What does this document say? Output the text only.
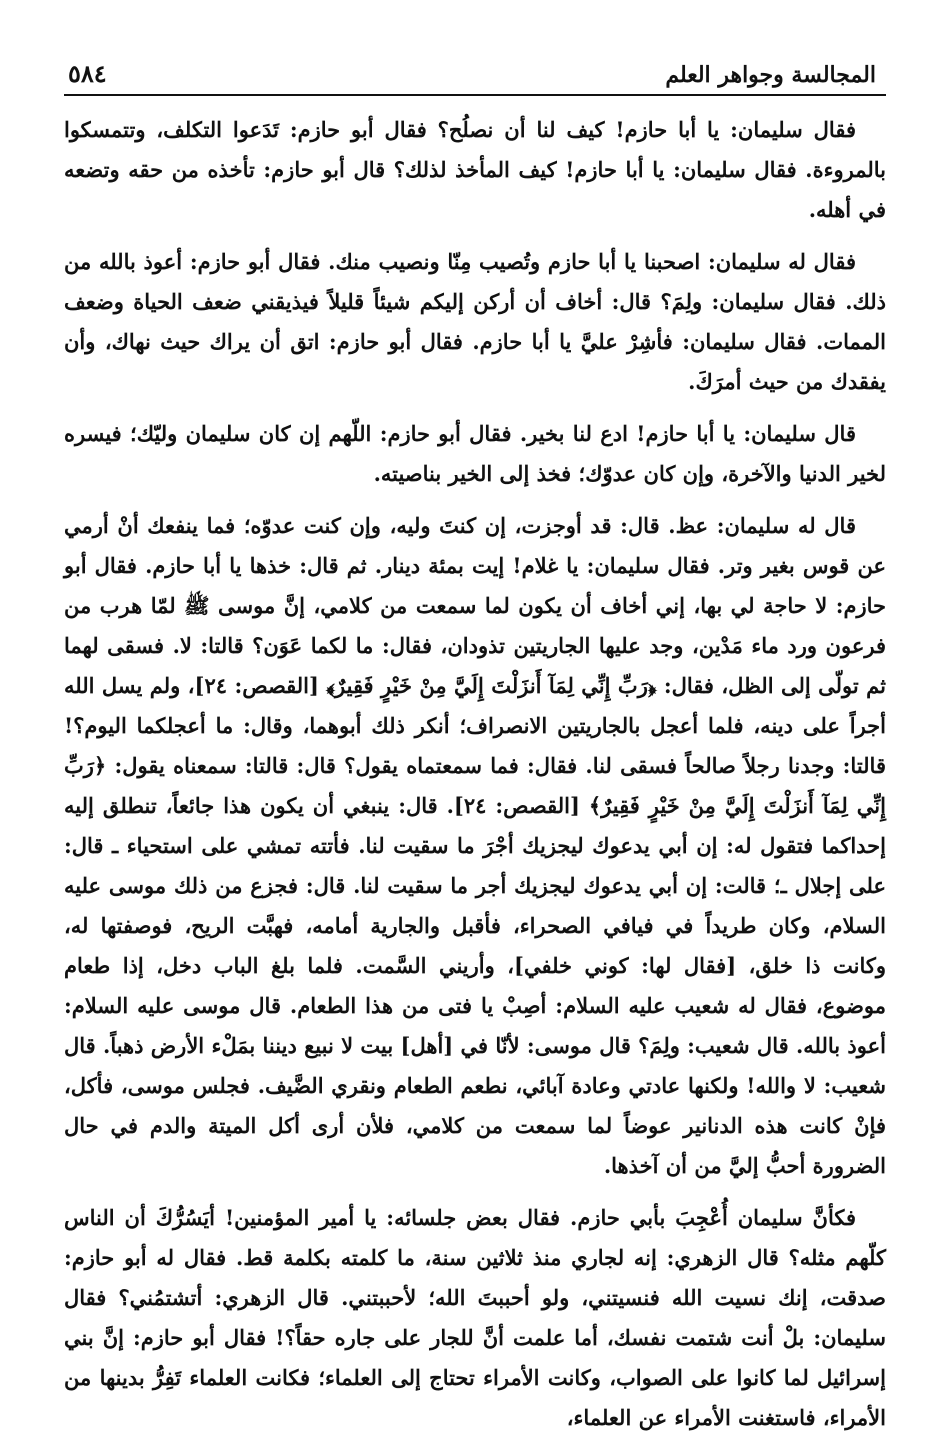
المجالسة وجواهر العلم
٥٨٤

فقال سليمان: يا أبا حازم! كيف لنا أن نصلُح؟ فقال أبو حازم: تَدَعوا التكلف، وتتمسكوا بالمروءة. فقال سليمان: يا أبا حازم! كيف المأخذ لذلك؟ قال أبو حازم: تأخذه من حقه وتضعه في أهله.

فقال له سليمان: اصحبنا يا أبا حازم وتُصيب مِنّا ونصيب منك. فقال أبو حازم: أعوذ بالله من ذلك. فقال سليمان: ولِمَ؟ قال: أخاف أن أركن إليكم شيئاً قليلاً فيذيقني ضعف الحياة وضعف الممات. فقال سليمان: فأشِرْ عليَّ يا أبا حازم. فقال أبو حازم: اتق أن يراك حيث نهاك، وأن يفقدك من حيث أمرَكَ.

قال سليمان: يا أبا حازم! ادع لنا بخير. فقال أبو حازم: اللّهم إن كان سليمان وليّك؛ فيسره لخير الدنيا والآخرة، وإن كان عدوّك؛ فخذ إلى الخير بناصيته.

قال له سليمان: عظ. قال: قد أوجزت، إن كنتَ وليه، وإن كنت عدوّه؛ فما ينفعك أنْ أرمي عن قوس بغير وتر. فقال سليمان: يا غلام! إيت بمئة دينار. ثم قال: خذها يا أبا حازم. فقال أبو حازم: لا حاجة لي بها، إني أخاف أن يكون لما سمعت من كلامي، إنَّ موسى ﷺ لمّا هرب من فرعون ورد ماء مَدْين، وجد عليها الجاريتين تذودان، فقال: ما لكما عَوَن؟ قالتا: لا. فسقى لهما ثم تولّى إلى الظل، فقال: ﴿رَبِّ إِنِّي لِمَآ أَنزَلْتَ إِلَيَّ مِنْ خَيْرٍ فَقِيرٌ﴾ [القصص: ٢٤]، ولم يسل الله أجراً على دينه، فلما أعجل بالجاريتين الانصراف؛ أنكر ذلك أبوهما، وقال: ما أعجلكما اليوم؟! قالتا: وجدنا رجلاً صالحاً فسقى لنا. فقال: فما سمعتماه يقول؟ قال: قالتا: سمعناه يقول: ﴿رَبِّ إِنِّي لِمَآ أَنزَلْتَ إِلَيَّ مِنْ خَيْرٍ فَقِيرٌ﴾ [القصص: ٢٤]. قال: ينبغي أن يكون هذا جائعاً، تنطلق إليه إحداكما فتقول له: إن أبي يدعوك ليجزيك أجْرَ ما سقيت لنا. فأتته تمشي على استحياء ـ قال: على إجلال ـ؛ قالت: إن أبي يدعوك ليجزيك أجر ما سقيت لنا. قال: فجزع من ذلك موسى عليه السلام، وكان طريداً في فيافي الصحراء، فأقبل والجارية أمامه، فهبَّت الريح، فوصفتها له، وكانت ذا خلق، [فقال لها: كوني خلفي]، وأريني السَّمت. فلما بلغ الباب دخل، إذا طعام موضوع، فقال له شعيب عليه السلام: أصِبْ يا فتى من هذا الطعام. قال موسى عليه السلام: أعوذ بالله. قال شعيب: ولِمَ؟ قال موسى: لأنّا في [أهل] بيت لا نبيع ديننا بمَلْء الأرض ذهباً. قال شعيب: لا والله! ولكنها عادتي وعادة آبائي، نطعم الطعام ونقري الضَّيف. فجلس موسى، فأكل، فإنْ كانت هذه الدنانير عوضاً لما سمعت من كلامي، فلأن أرى أكل الميتة والدم في حال الضرورة أحبُّ إليَّ من أن آخذها.

فكأنَّ سليمان أُعْجِبَ بأبي حازم. فقال بعض جلسائه: يا أمير المؤمنين! أيَسُرُّكَ أن الناس كلّهم مثله؟ قال الزهري: إنه لجاري منذ ثلاثين سنة، ما كلمته بكلمة قط. فقال له أبو حازم: صدقت، إنك نسيت الله فنسيتني، ولو أحببتَ الله؛ لأحببتني. قال الزهري: أتشتمُني؟ فقال سليمان: بلْ أنت شتمت نفسك، أما علمت أنَّ للجار على جاره حقاً؟! فقال أبو حازم: إنَّ بني إسرائيل لما كانوا على الصواب، وكانت الأمراء تحتاج إلى العلماء؛ فكانت العلماء تَفِرُّ بدينها من الأمراء، فاستغنت الأمراء عن العلماء،
